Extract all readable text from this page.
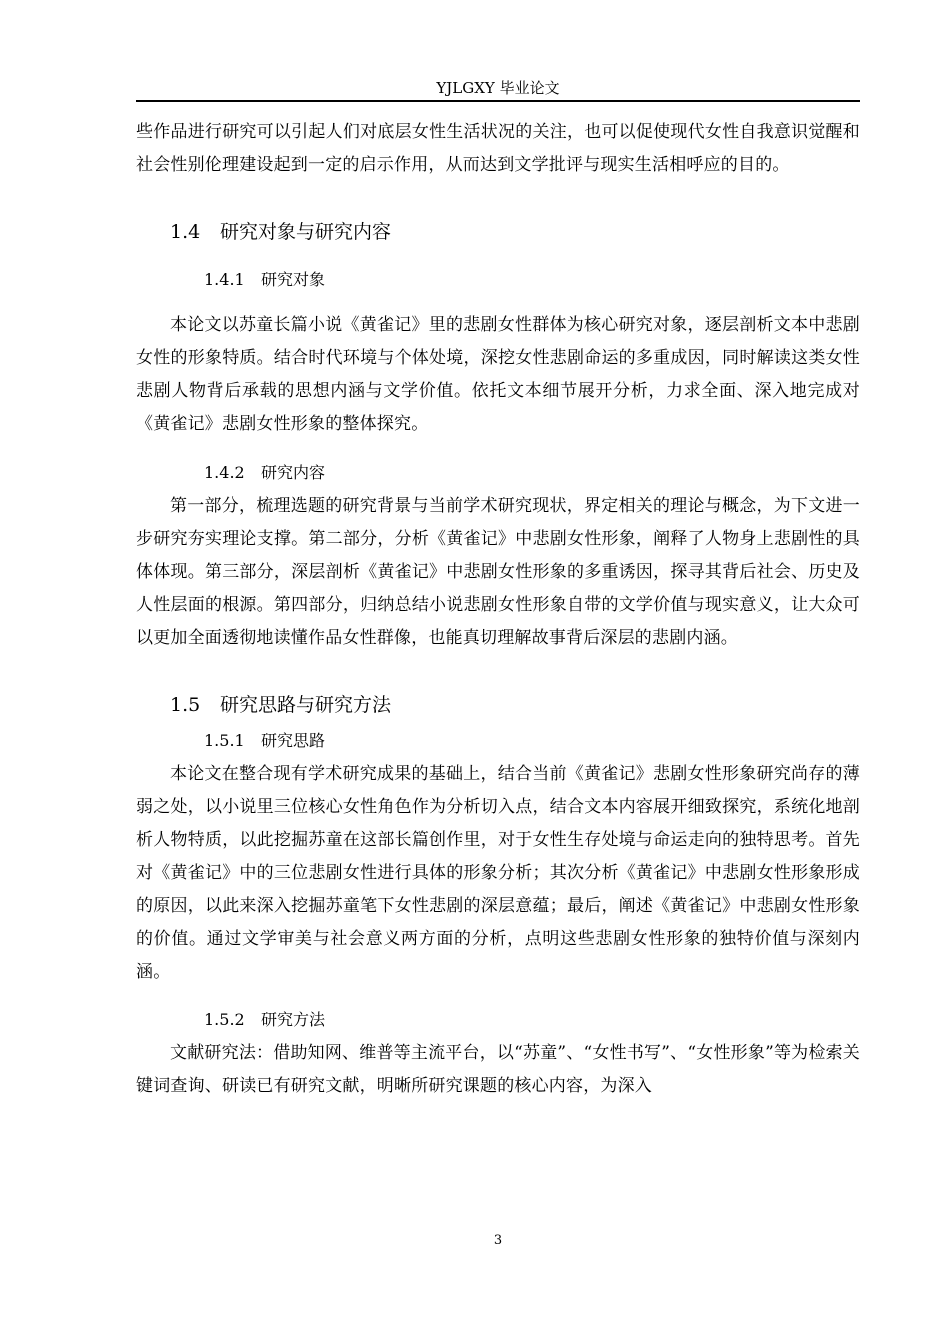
YJLGXY 毕业论文

些作品进行研究可以引起人们对底层女性生活状况的关注，也可以促使现代女性自我意识觉醒和社会性别伦理建设起到一定的启示作用，从而达到文学批评与现实生活相呼应的目的。

1.4 研究对象与研究内容
1.4.1 研究对象

本论文以苏童长篇小说《黄雀记》里的悲剧女性群体为核心研究对象，逐层剖析文本中悲剧女性的形象特质。结合时代环境与个体处境，深挖女性悲剧命运的多重成因，同时解读这类女性悲剧人物背后承载的思想内涵与文学价值。依托文本细节展开分析，力求全面、深入地完成对《黄雀记》悲剧女性形象的整体探究。

1.4.2 研究内容

第一部分，梳理选题的研究背景与当前学术研究现状，界定相关的理论与概念，为下文进一步研究夯实理论支撑。第二部分，分析《黄雀记》中悲剧女性形象，阐释了人物身上悲剧性的具体体现。第三部分，深层剖析《黄雀记》中悲剧女性形象的多重诱因，探寻其背后社会、历史及人性层面的根源。第四部分，归纳总结小说悲剧女性形象自带的文学价值与现实意义，让大众可以更加全面透彻地读懂作品女性群像，也能真切理解故事背后深层的悲剧内涵。

1.5 研究思路与研究方法
1.5.1 研究思路

本论文在整合现有学术研究成果的基础上，结合当前《黄雀记》悲剧女性形象研究尚存的薄弱之处，以小说里三位核心女性角色作为分析切入点，结合文本内容展开细致探究，系统化地剖析人物特质，以此挖掘苏童在这部长篇创作里，对于女性生存处境与命运走向的独特思考。首先对《黄雀记》中的三位悲剧女性进行具体的形象分析；其次分析《黄雀记》中悲剧女性形象形成的原因，以此来深入挖掘苏童笔下女性悲剧的深层意蕴；最后，阐述《黄雀记》中悲剧女性形象的价值。通过文学审美与社会意义两方面的分析，点明这些悲剧女性形象的独特价值与深刻内涵。

1.5.2 研究方法

文献研究法：借助知网、维普等主流平台，以“苏童”、“女性书写”、“女性形象”等为检索关键词查询、研读已有研究文献，明晰所研究课题的核心内容，为深入

3
